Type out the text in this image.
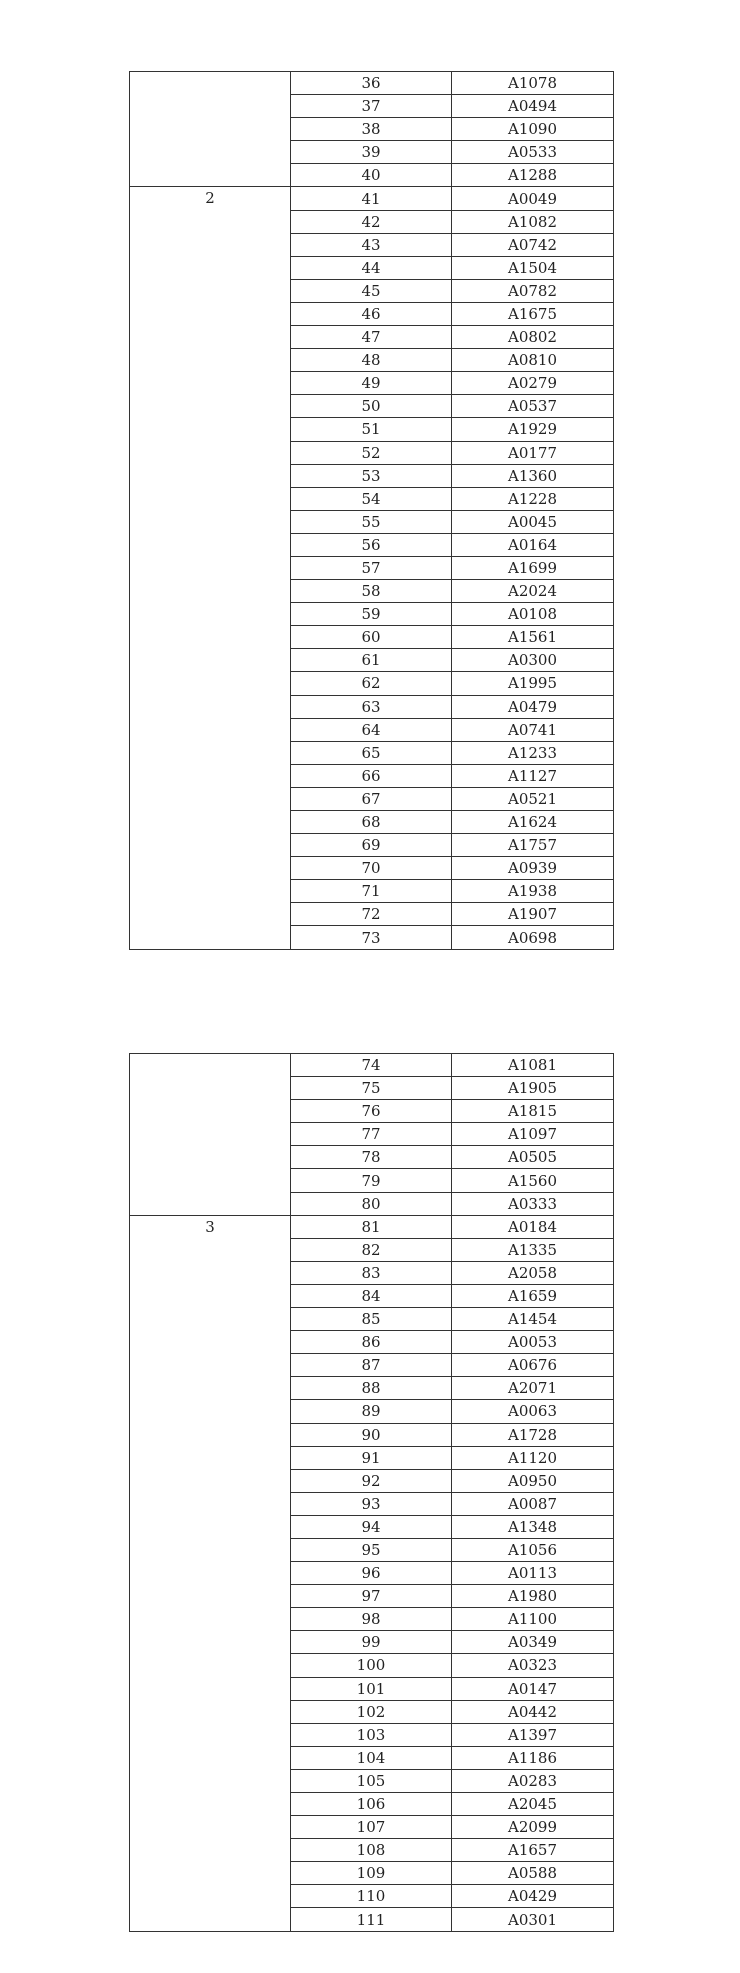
	36	A1078
	37	A0494
	38	A1090
	39	A0533
	40	A1288
2	41	A0049
	42	A1082
	43	A0742
	44	A1504
	45	A0782
	46	A1675
	47	A0802
	48	A0810
	49	A0279
	50	A0537
	51	A1929
	52	A0177
	53	A1360
	54	A1228
	55	A0045
	56	A0164
	57	A1699
	58	A2024
	59	A0108
	60	A1561
	61	A0300
	62	A1995
	63	A0479
	64	A0741
	65	A1233
	66	A1127
	67	A0521
	68	A1624
	69	A1757
	70	A0939
	71	A1938
	72	A1907
	73	A0698
	74	A1081
	75	A1905
	76	A1815
	77	A1097
	78	A0505
	79	A1560
	80	A0333
3	81	A0184
	82	A1335
	83	A2058
	84	A1659
	85	A1454
	86	A0053
	87	A0676
	88	A2071
	89	A0063
	90	A1728
	91	A1120
	92	A0950
	93	A0087
	94	A1348
	95	A1056
	96	A0113
	97	A1980
	98	A1100
	99	A0349
	100	A0323
	101	A0147
	102	A0442
	103	A1397
	104	A1186
	105	A0283
	106	A2045
	107	A2099
	108	A1657
	109	A0588
	110	A0429
	111	A0301
